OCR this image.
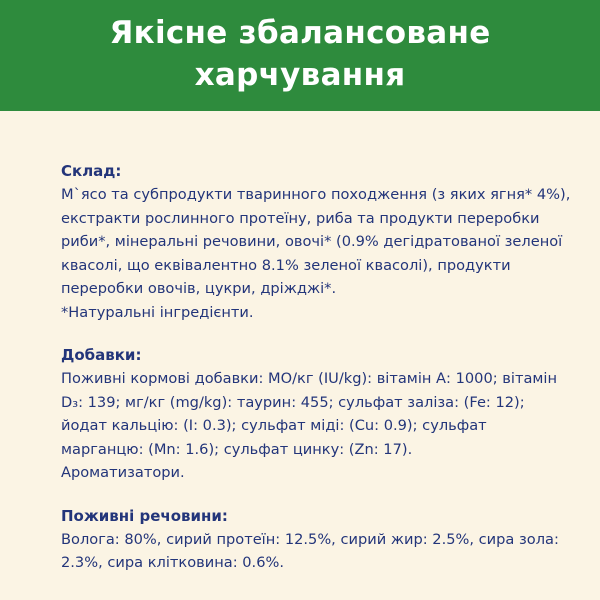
Якісне збалансоване
харчування
Склад:
М`ясо та субпродукти тваринного походження (з яких ягня* 4%),
екстракти рослинного протеїну, риба та продукти переробки
риби*, мінеральні речовини, овочі* (0.9% дегідратованої зеленої
квасолі, що еквівалентно 8.1% зеленої квасолі), продукти
переробки овочів, цукри, дріжджі*.
*Натуральні інгредієнти.
Добавки:
Поживні кормові добавки: МО/кг (IU/kg): вітамін А: 1000; вітамін
D₃: 139; мг/кг (mg/kg): таурин: 455; сульфат заліза: (Fe: 12);
йодат кальцію: (I: 0.3); сульфат міді: (Cu: 0.9); сульфат
марганцю: (Mn: 1.6); сульфат цинку: (Zn: 17).
Ароматизатори.
Поживні речовини:
Волога: 80%, сирий протеїн: 12.5%, сирий жир: 2.5%, сира зола:
2.3%, сира клітковина: 0.6%.
